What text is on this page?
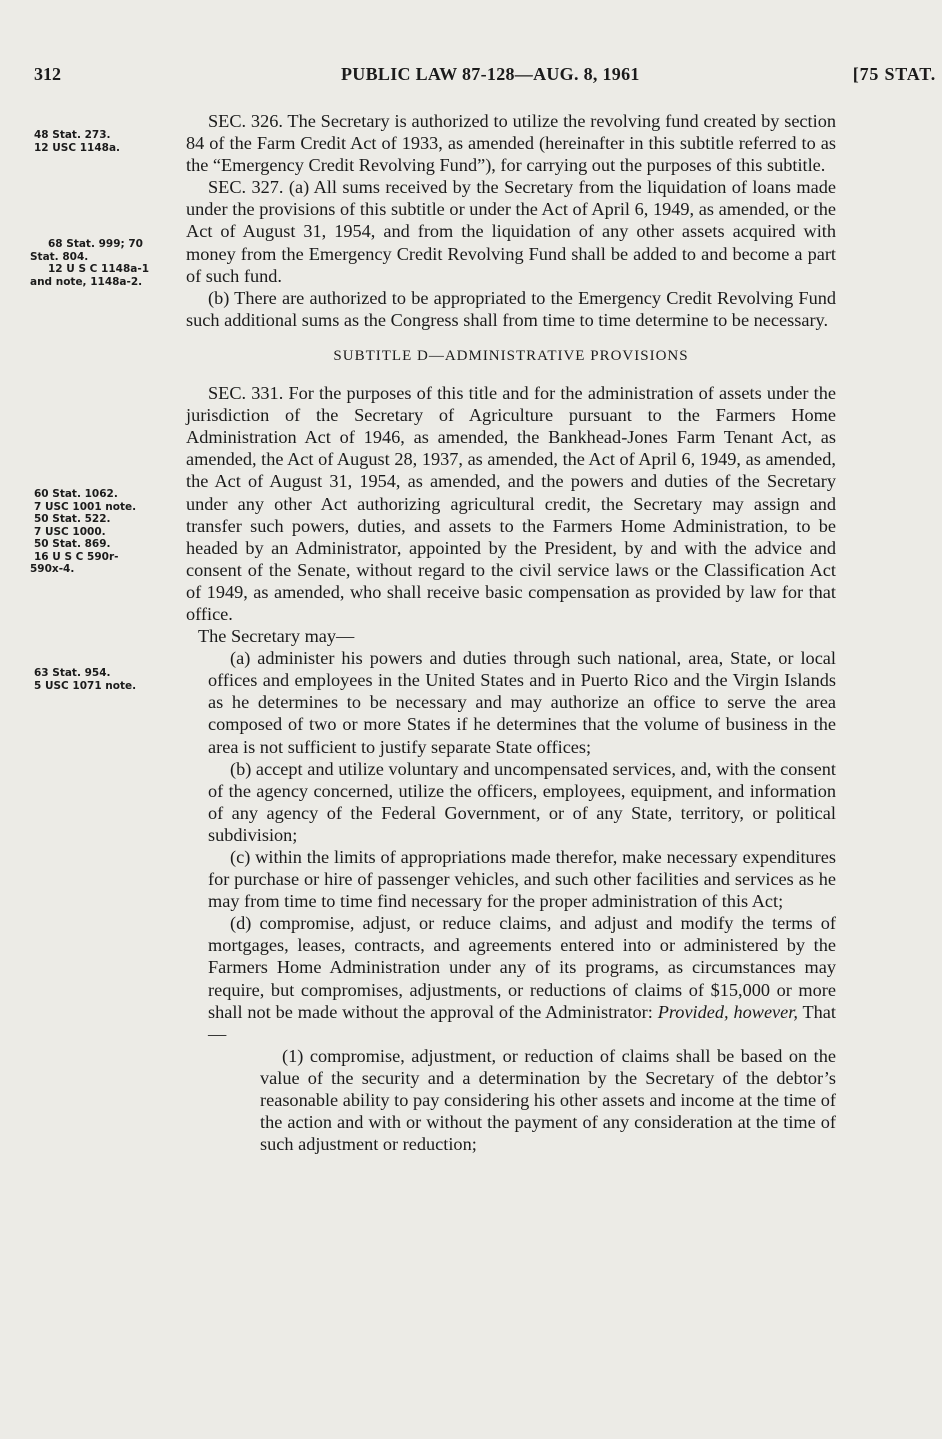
312	PUBLIC LAW 87-128—AUG. 8, 1961	[75 STAT.
48 Stat. 273.
12 USC 1148a.
68 Stat. 999; 70
Stat. 804.
12 U S C 1148a-1
and note, 1148a-2.
60 Stat. 1062.
7 USC 1001 note.
50 Stat. 522.
7 USC 1000.
50 Stat. 869.
16 U S C 590r-
590x-4.
63 Stat. 954.
5 USC 1071 note.

SEC. 326. The Secretary is authorized to utilize the revolving fund created by section 84 of the Farm Credit Act of 1933, as amended (hereinafter in this subtitle referred to as the “Emergency Credit Revolving Fund”), for carrying out the purposes of this subtitle.

SEC. 327. (a) All sums received by the Secretary from the liquidation of loans made under the provisions of this subtitle or under the Act of April 6, 1949, as amended, or the Act of August 31, 1954, and from the liquidation of any other assets acquired with money from the Emergency Credit Revolving Fund shall be added to and become a part of such fund.

(b) There are authorized to be appropriated to the Emergency Credit Revolving Fund such additional sums as the Congress shall from time to time determine to be necessary.

SUBTITLE D—ADMINISTRATIVE PROVISIONS

SEC. 331. For the purposes of this title and for the administration of assets under the jurisdiction of the Secretary of Agriculture pursuant to the Farmers Home Administration Act of 1946, as amended, the Bankhead-Jones Farm Tenant Act, as amended, the Act of August 28, 1937, as amended, the Act of April 6, 1949, as amended, the Act of August 31, 1954, as amended, and the powers and duties of the Secretary under any other Act authorizing agricultural credit, the Secretary may assign and transfer such powers, duties, and assets to the Farmers Home Administration, to be headed by an Administrator, appointed by the President, by and with the advice and consent of the Senate, without regard to the civil service laws or the Classification Act of 1949, as amended, who shall receive basic compensation as provided by law for that office.

The Secretary may—

(a) administer his powers and duties through such national, area, State, or local offices and employees in the United States and in Puerto Rico and the Virgin Islands as he determines to be necessary and may authorize an office to serve the area composed of two or more States if he determines that the volume of business in the area is not sufficient to justify separate State offices;

(b) accept and utilize voluntary and uncompensated services, and, with the consent of the agency concerned, utilize the officers, employees, equipment, and information of any agency of the Federal Government, or of any State, territory, or political subdivision;

(c) within the limits of appropriations made therefor, make necessary expenditures for purchase or hire of passenger vehicles, and such other facilities and services as he may from time to time find necessary for the proper administration of this Act;

(d) compromise, adjust, or reduce claims, and adjust and modify the terms of mortgages, leases, contracts, and agreements entered into or administered by the Farmers Home Administration under any of its programs, as circumstances may require, but compromises, adjustments, or reductions of claims of $15,000 or more shall not be made without the approval of the Administrator: Provided, however, That—

(1) compromise, adjustment, or reduction of claims shall be based on the value of the security and a determination by the Secretary of the debtor’s reasonable ability to pay considering his other assets and income at the time of the action and with or without the payment of any consideration at the time of such adjustment or reduction;
